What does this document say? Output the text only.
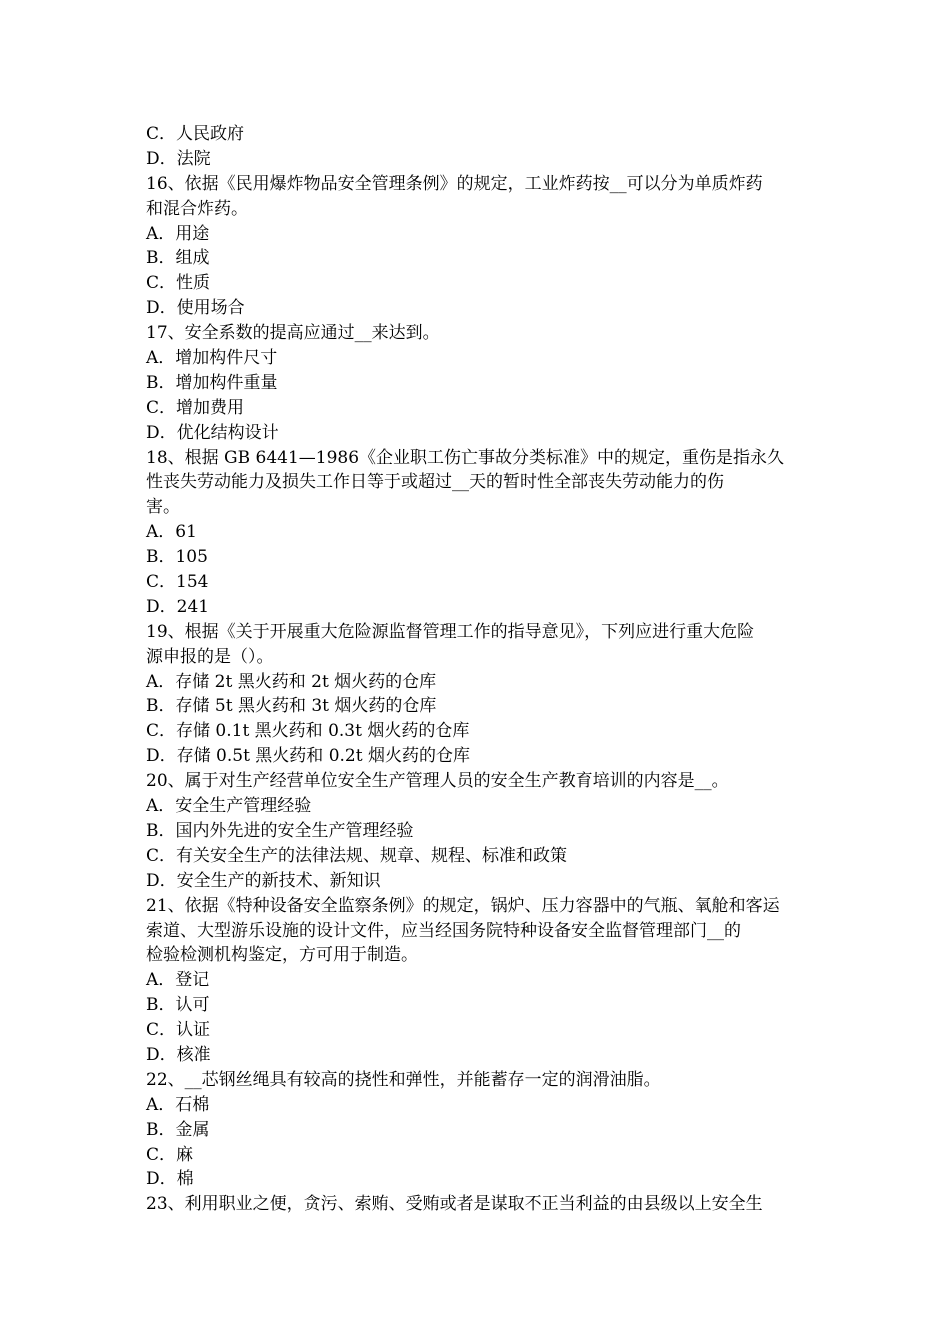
C．人民政府
D．法院
16、依据《民用爆炸物品安全管理条例》的规定，工业炸药按__可以分为单质炸药
和混合炸药。
A．用途
B．组成
C．性质
D．使用场合
17、安全系数的提高应通过__来达到。
A．增加构件尺寸
B．增加构件重量
C．增加费用
D．优化结构设计
18、根据 GB 6441—1986《企业职工伤亡事故分类标准》中的规定，重伤是指永久
性丧失劳动能力及损失工作日等于或超过__天的暂时性全部丧失劳动能力的伤
害。
A．61
B．105
C．154
D．241
19、根据《关于开展重大危险源监督管理工作的指导意见》，下列应进行重大危险
源申报的是（）。
A．存储 2t 黑火药和 2t 烟火药的仓库
B．存储 5t 黑火药和 3t 烟火药的仓库
C．存储 0.1t 黑火药和 0.3t 烟火药的仓库
D．存储 0.5t 黑火药和 0.2t 烟火药的仓库
20、属于对生产经营单位安全生产管理人员的安全生产教育培训的内容是__。
A．安全生产管理经验
B．国内外先进的安全生产管理经验
C．有关安全生产的法律法规、规章、规程、标准和政策
D．安全生产的新技术、新知识
21、依据《特种设备安全监察条例》的规定，锅炉、压力容器中的气瓶、氧舱和客运
索道、大型游乐设施的设计文件，应当经国务院特种设备安全监督管理部门__的
检验检测机构鉴定，方可用于制造。
A．登记
B．认可
C．认证
D．核准
22、__芯钢丝绳具有较高的挠性和弹性，并能蓄存一定的润滑油脂。
A．石棉
B．金属
C．麻
D．棉
23、利用职业之便，贪污、索贿、受贿或者是谋取不正当利益的由县级以上安全生
